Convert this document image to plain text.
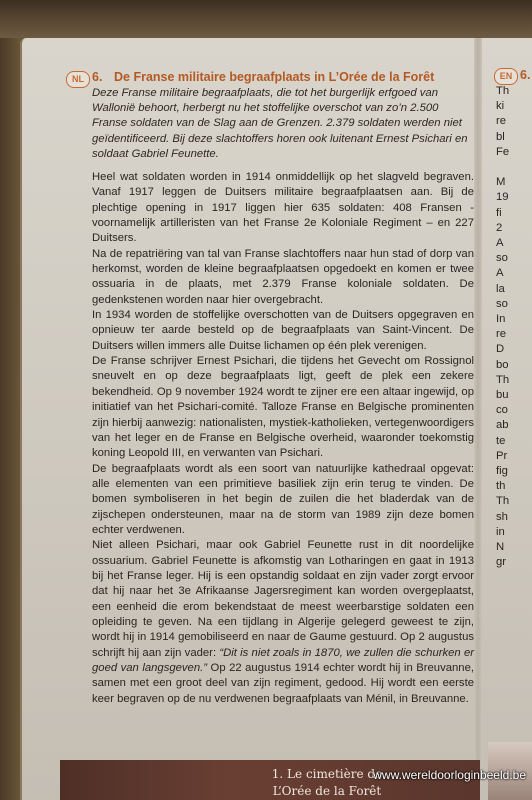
NL 6. De Franse militaire begraafplaats in L’Orée de la Forêt

Deze Franse militaire begraafplaats, die tot het burgerlijk erfgoed van Wallonië behoort, herbergt nu het stoffelijke overschot van zo’n 2.500 Franse soldaten van de Slag aan de Grenzen. 2.379 soldaten werden niet geïdentificeerd. Bij deze slachtoffers horen ook luitenant Ernest Psichari en soldaat Gabriel Feunette.

Heel wat soldaten worden in 1914 onmiddellijk op het slagveld begraven. Vanaf 1917 leggen de Duitsers militaire begraafplaatsen aan. Bij de plechtige opening in 1917 liggen hier 635 soldaten: 408 Fransen - voornamelijk artilleristen van het Franse 2e Koloniale Regiment – en 227 Duitsers.

Na de repatriëring van tal van Franse slachtoffers naar hun stad of dorp van herkomst, worden de kleine begraafplaatsen opgedoekt en komen er twee ossuaria in de plaats, met 2.379 Franse koloniale soldaten. De gedenkstenen worden naar hier overgebracht.

In 1934 worden de stoffelijke overschotten van de Duitsers opgegraven en opnieuw ter aarde besteld op de begraafplaats van Saint-Vincent. De Duitsers willen immers alle Duitse lichamen op één plek verenigen.

De Franse schrijver Ernest Psichari, die tijdens het Gevecht om Rossignol sneuvelt en op deze begraafplaats ligt, geeft de plek een zekere bekendheid. Op 9 november 1924 wordt te zijner ere een altaar ingewijd, op initiatief van het Psichari-comité. Talloze Franse en Belgische prominenten zijn hierbij aanwezig: nationalisten, mystiek-katholieken, vertegenwoordigers van het leger en de Franse en Belgische overheid, waaronder toekomstig koning Leopold III, en verwanten van Psichari.

De begraafplaats wordt als een soort van natuurlijke kathedraal opgevat: alle elementen van een primitieve basiliek zijn erin terug te vinden. De bomen symboliseren in het begin de zuilen die het bladerdak van de zijschepen ondersteunen, maar na de storm van 1989 zijn deze bomen echter verdwenen.

Niet alleen Psichari, maar ook Gabriel Feunette rust in dit noordelijke ossuarium. Gabriel Feunette is afkomstig van Lotharingen en gaat in 1913 bij het Franse leger. Hij is een opstandig soldaat en zijn vader zorgt ervoor dat hij naar het 3e Afrikaanse Jagersregiment kan worden overgeplaatst, een eenheid die erom bekendstaat de meest weerbarstige soldaten een opleiding te geven. Na een tijdlang in Algerije gelegerd geweest te zijn, wordt hij in 1914 gemobiliseerd en naar de Gaume gestuurd. Op 2 augustus schrijft hij aan zijn vader: “Dit is niet zoals in 1870, we zullen die schurken er goed van langsgeven.” Op 22 augustus 1914 echter wordt hij in Breuvanne, samen met een groot deel van zijn regiment, gedood. Hij wordt een eerste keer begraven op de nu verdwenen begraafplaats van Ménil, in Breuvanne.

EN 6.
Th
ki
re
bl
Fe

M
19
fi
2
A
so
A
la
so
In
re
D
bo
Th
bu
co
ab
te
Pr
fig
th
Th
sh
in
N
gr
1. Le cimetière de L’Orée de la Forêt
www.wereldoorloginbeeld.be
